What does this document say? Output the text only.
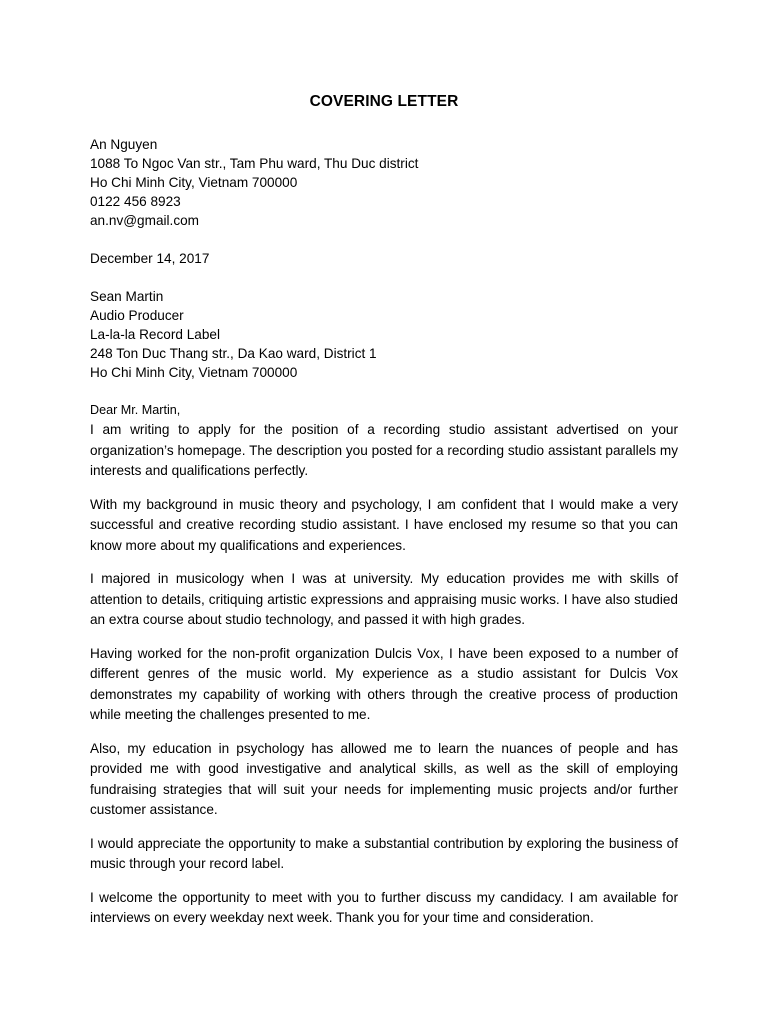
COVERING LETTER
An Nguyen
1088 To Ngoc Van str., Tam Phu ward, Thu Duc district
Ho Chi Minh City, Vietnam 700000
0122 456 8923
an.nv@gmail.com
December 14, 2017
Sean Martin
Audio Producer
La-la-la Record Label
248 Ton Duc Thang str., Da Kao ward, District 1
Ho Chi Minh City, Vietnam 700000
Dear Mr. Martin,

I am writing to apply for the position of a recording studio assistant advertised on your organization’s homepage. The description you posted for a recording studio assistant parallels my interests and qualifications perfectly.

With my background in music theory and psychology, I am confident that I would make a very successful and creative recording studio assistant. I have enclosed my resume so that you can know more about my qualifications and experiences.

I majored in musicology when I was at university. My education provides me with skills of attention to details, critiquing artistic expressions and appraising music works. I have also studied an extra course about studio technology, and passed it with high grades.

Having worked for the non-profit organization Dulcis Vox, I have been exposed to a number of different genres of the music world. My experience as a studio assistant for Dulcis Vox demonstrates my capability of working with others through the creative process of production while meeting the challenges presented to me.

Also, my education in psychology has allowed me to learn the nuances of people and has provided me with good investigative and analytical skills, as well as the skill of employing fundraising strategies that will suit your needs for implementing music projects and/or further customer assistance.

I would appreciate the opportunity to make a substantial contribution by exploring the business of music through your record label.

I welcome the opportunity to meet with you to further discuss my candidacy. I am available for interviews on every weekday next week. Thank you for your time and consideration.
